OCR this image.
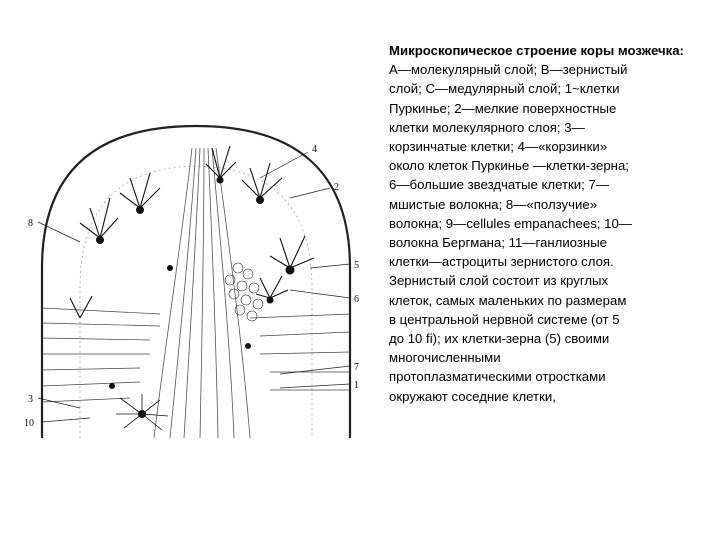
8
3
10
4
2
5
6
7
1

Микроскопическое строение коры мозжечка:

А—молекулярный слой; В—зернистый
слой; С—медулярный слой; 1~клетки
Пуркинье; 2—мелкие поверхностные
клетки молекулярного слоя; 3—
корзинчатые клетки; 4—«корзинки»
около клеток Пуркинье —клетки-зерна;
6—большие звездчатые клетки; 7—
мшистые волокна; 8—«ползучие»
волокна; 9—cellules empanachees; 10—
волокна Бергмана; 11—ганлиозные
клетки—астроциты зернистого слоя.
Зернистый слой состоит из круглых
клеток, самых маленьких по размерам
в центральной нервной системе (от 5
до 10 fi); их клетки-зерна (5) своими
многочисленными
протоплазматическими отростками
окружают соседние клетки,
